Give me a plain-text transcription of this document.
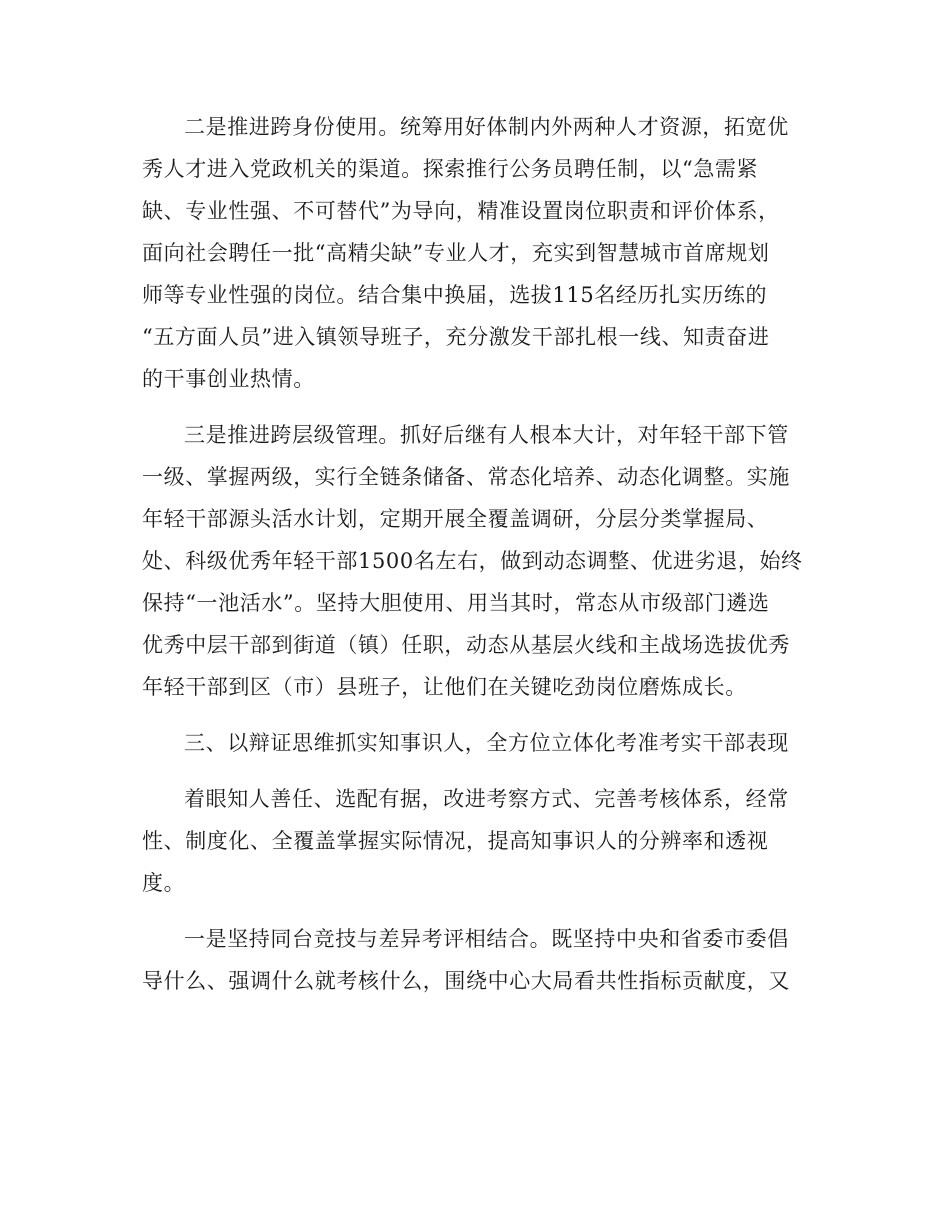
二是推进跨身份使用。统筹用好体制内外两种人才资源，拓宽优
秀人才进入党政机关的渠道。探索推行公务员聘任制，以“急需紧
缺、专业性强、不可替代”为导向，精准设置岗位职责和评价体系，
面向社会聘任一批“高精尖缺”专业人才，充实到智慧城市首席规划
师等专业性强的岗位。结合集中换届，选拔115名经历扎实历练的
“五方面人员”进入镇领导班子，充分激发干部扎根一线、知责奋进
的干事创业热情。

三是推进跨层级管理。抓好后继有人根本大计，对年轻干部下管
一级、掌握两级，实行全链条储备、常态化培养、动态化调整。实施
年轻干部源头活水计划，定期开展全覆盖调研，分层分类掌握局、
处、科级优秀年轻干部1500名左右，做到动态调整、优进劣退，始终
保持“一池活水”。坚持大胆使用、用当其时，常态从市级部门遴选
优秀中层干部到街道（镇）任职，动态从基层火线和主战场选拔优秀
年轻干部到区（市）县班子，让他们在关键吃劲岗位磨炼成长。

三、以辩证思维抓实知事识人，全方位立体化考准考实干部表现

着眼知人善任、选配有据，改进考察方式、完善考核体系，经常
性、制度化、全覆盖掌握实际情况，提高知事识人的分辨率和透视
度。

一是坚持同台竞技与差异考评相结合。既坚持中央和省委市委倡
导什么、强调什么就考核什么，围绕中心大局看共性指标贡献度，又
